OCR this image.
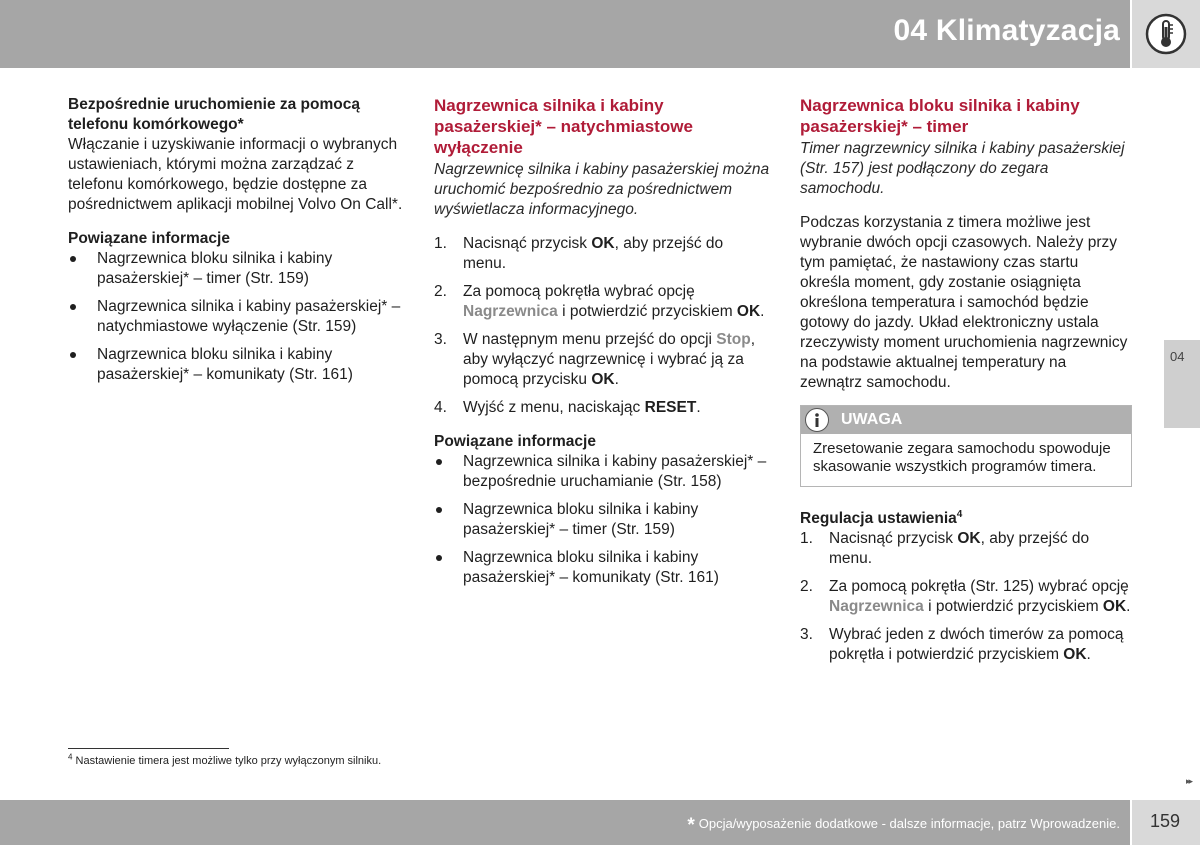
04 Klimatyzacja
Bezpośrednie uruchomienie za pomocą telefonu komórkowego*

Włączanie i uzyskiwanie informacji o wybranych ustawieniach, którymi można zarządzać z telefonu komórkowego, będzie dostępne za pośrednictwem aplikacji mobilnej Volvo On Call*.

Powiązane informacje
Nagrzewnica bloku silnika i kabiny pasażerskiej* – timer (Str. 159)
Nagrzewnica silnika i kabiny pasażerskiej* – natychmiastowe wyłączenie (Str. 159)
Nagrzewnica bloku silnika i kabiny pasażerskiej* – komunikaty (Str. 161)
Nagrzewnica silnika i kabiny pasażerskiej* – natychmiastowe wyłączenie

Nagrzewnicę silnika i kabiny pasażerskiej można uruchomić bezpośrednio za pośrednictwem wyświetlacza informacyjnego.

1. Nacisnąć przycisk OK, aby przejść do menu.
2. Za pomocą pokrętła wybrać opcję Nagrzewnica i potwierdzić przyciskiem OK.
3. W następnym menu przejść do opcji Stop, aby wyłączyć nagrzewnicę i wybrać ją za pomocą przycisku OK.
4. Wyjść z menu, naciskając RESET.
Powiązane informacje
Nagrzewnica silnika i kabiny pasażerskiej* – bezpośrednie uruchamianie (Str. 158)
Nagrzewnica bloku silnika i kabiny pasażerskiej* – timer (Str. 159)
Nagrzewnica bloku silnika i kabiny pasażerskiej* – komunikaty (Str. 161)
Nagrzewnica bloku silnika i kabiny pasażerskiej* – timer

Timer nagrzewnicy silnika i kabiny pasażerskiej (Str. 157) jest podłączony do zegara samochodu.

Podczas korzystania z timera możliwe jest wybranie dwóch opcji czasowych. Należy przy tym pamiętać, że nastawiony czas startu określa moment, gdy zostanie osiągnięta określona temperatura i samochód będzie gotowy do jazdy. Układ elektroniczny ustala rzeczywisty moment uruchomienia nagrzewnicy na podstawie aktualnej temperatury na zewnątrz samochodu.

UWAGA
Zresetowanie zegara samochodu spowoduje skasowanie wszystkich programów timera.
Regulacja ustawienia$^4$
1. Nacisnąć przycisk OK, aby przejść do menu.
2. Za pomocą pokrętła (Str. 125) wybrać opcję Nagrzewnica i potwierdzić przyciskiem OK.
3. Wybrać jeden z dwóch timerów za pomocą pokrętła i potwierdzić przyciskiem OK.
04
$^4$ Nastawienie timera jest możliwe tylko przy wyłączonym silniku.
▸▸
* Opcja/wyposażenie dodatkowe - dalsze informacje, patrz Wprowadzenie. 159
